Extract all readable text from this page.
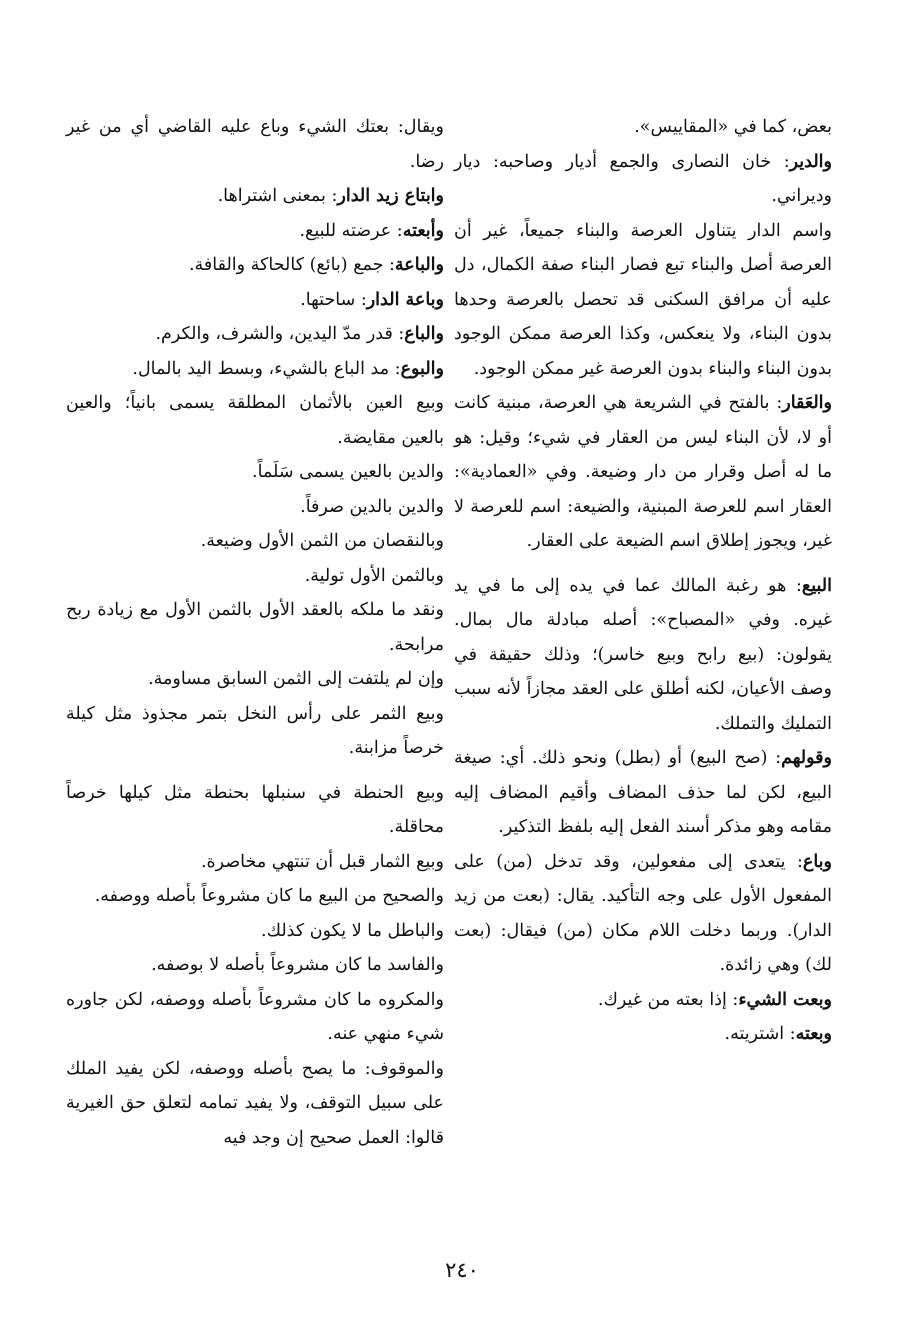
بعض، كما في «المقاييس».

والدير: خان النصارى والجمع أديار وصاحبه: ديار وديراني.

واسم الدار يتناول العرصة والبناء جميعاً، غير أن العرصة أصل والبناء تبع فصار البناء صفة الكمال، دل عليه أن مرافق السكنى قد تحصل بالعرصة وحدها بدون البناء، ولا ينعكس، وكذا العرصة ممكن الوجود بدون البناء والبناء بدون العرصة غير ممكن الوجود.

والعَقار: بالفتح في الشريعة هي العرصة، مبنية كانت أو لا، لأن البناء ليس من العقار في شيء؛ وقيل: هو ما له أصل وقرار من دار وضيعة. وفي «العمادية»: العقار اسم للعرصة المبنية، والضيعة: اسم للعرصة لا غير، ويجوز إطلاق اسم الضيعة على العقار.

البيع: هو رغبة المالك عما في يده إلى ما في يد غيره. وفي «المصباح»: أصله مبادلة مال بمال. يقولون: (بيع رابح وبيع خاسر)؛ وذلك حقيقة في وصف الأعيان، لكنه أطلق على العقد مجازاً لأنه سبب التمليك والتملك.

وقولهم: (صح البيع) أو (بطل) ونحو ذلك. أي: صيغة البيع، لكن لما حذف المضاف وأقيم المضاف إليه مقامه وهو مذكر أسند الفعل إليه بلفظ التذكير.

وباع: يتعدى إلى مفعولين، وقد تدخل (من) على المفعول الأول على وجه التأكيد. يقال: (بعت من زيد الدار). وربما دخلت اللام مكان (من) فيقال: (بعت لك) وهي زائدة.

وبعت الشيء: إذا بعته من غيرك.

وبعته: اشتريته.

ويقال: بعتك الشيء وباع عليه القاضي أي من غير رضا.

وابتاع زيد الدار: بمعنى اشتراها.

وأبعته: عرضته للبيع.

والباعة: جمع (بائع) كالحاكة والقافة.

وباعة الدار: ساحتها.

والباع: قدر مدّ اليدين، والشرف، والكرم.

والبوع: مد الباع بالشيء، وبسط اليد بالمال.

وبيع العين بالأثمان المطلقة يسمى بانياً؛ والعين بالعين مقايضة.

والدين بالعين يسمى سَلَماً.

والدين بالدين صرفاً.

وبالنقصان من الثمن الأول وضيعة.

وبالثمن الأول تولية.

ونقد ما ملكه بالعقد الأول بالثمن الأول مع زيادة ربح مرابحة.

وإن لم يلتفت إلى الثمن السابق مساومة.

وبيع الثمر على رأس النخل بتمر مجذوذ مثل كيلة خرصاً مزابنة.

وبيع الحنطة في سنبلها بحنطة مثل كيلها خرصاً محاقلة.

وبيع الثمار قبل أن تنتهي مخاصرة.

والصحيح من البيع ما كان مشروعاً بأصله ووصفه.

والباطل ما لا يكون كذلك.

والفاسد ما كان مشروعاً بأصله لا بوصفه.

والمكروه ما كان مشروعاً بأصله ووصفه، لكن جاوره شيء منهي عنه.

والموقوف: ما يصح بأصله ووصفه، لكن يفيد الملك على سبيل التوقف، ولا يفيد تمامه لتعلق حق الغيرية قالوا: العمل صحيح إن وجد فيه

٢٤٠
